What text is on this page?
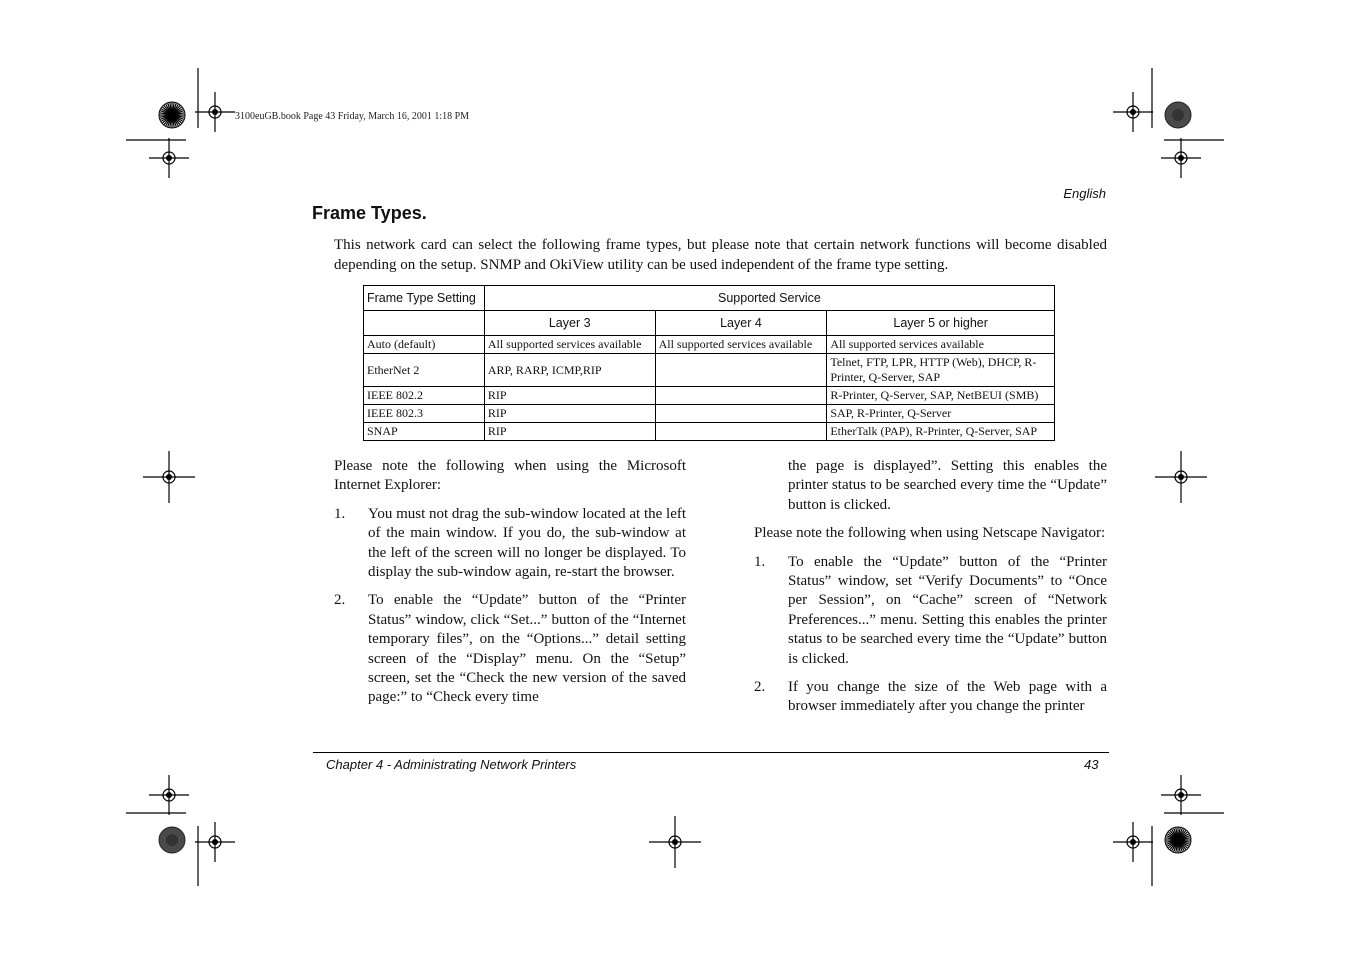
3100euGB.book Page 43 Friday, March 16, 2001 1:18 PM
English
Frame Types.
This network card can select the following frame types, but please note that certain network functions will become disabled depending on the setup. SNMP and OkiView utility can be used independent of the frame type setting.
Frame Type Setting	Supported Service		
	Layer 3	Layer 4	Layer 5 or higher
Auto (default)	All supported services available	All supported services available	All supported services available
EtherNet 2	ARP, RARP, ICMP,RIP		Telnet, FTP, LPR, HTTP (Web), DHCP, R-Printer, Q-Server, SAP
IEEE 802.2	RIP		R-Printer, Q-Server, SAP, NetBEUI (SMB)
IEEE 802.3	RIP		SAP, R-Printer, Q-Server
SNAP	RIP		EtherTalk (PAP), R-Printer, Q-Server, SAP

Please note the following when using the Microsoft Internet Explorer:

1. You must not drag the sub-window located at the left of the main window. If you do, the sub-window at the left of the screen will no longer be displayed. To display the sub-window again, re-start the browser.
2. To enable the “Update” button of the “Printer Status” window, click “Set...” button of the “Internet temporary files”, on the “Options...” detail setting screen of the “Display” menu. On the “Setup” screen, set the “Check the new version of the saved page:” to “Check every time
the page is displayed”. Setting this enables the printer status to be searched every time the “Update” button is clicked.

Please note the following when using Netscape Navigator:

1. To enable the “Update” button of the “Printer Status” window, set “Verify Documents” to “Once per Session”, on “Cache” screen of “Network Preferences...” menu. Setting this enables the printer status to be searched every time the “Update” button is clicked.
2. If you change the size of the Web page with a browser immediately after you change the printer
Chapter 4 - Administrating Network Printers	43
